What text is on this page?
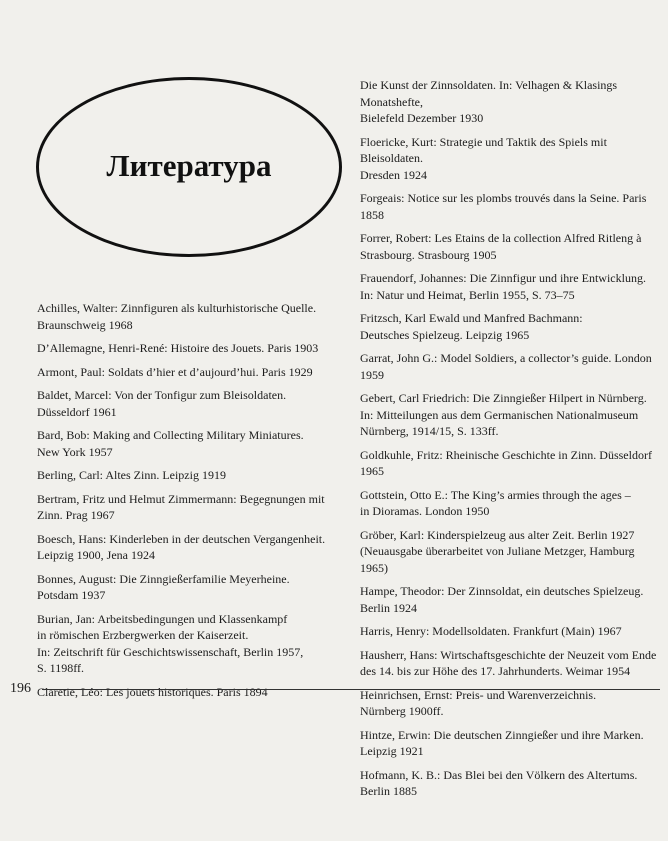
Литература
Achilles, Walter: Zinnfiguren als kulturhistorische Quelle.
Braunschweig 1968
D’Allemagne, Henri-René: Histoire des Jouets. Paris 1903
Armont, Paul: Soldats d’hier et d’aujourd’hui. Paris 1929
Baldet, Marcel: Von der Tonfigur zum Bleisoldaten.
Düsseldorf 1961
Bard, Bob: Making and Collecting Military Miniatures.
New York 1957
Berling, Carl: Altes Zinn. Leipzig 1919
Bertram, Fritz und Helmut Zimmermann: Begegnungen mit
Zinn. Prag 1967
Boesch, Hans: Kinderleben in der deutschen Vergangenheit.
Leipzig 1900, Jena 1924
Bonnes, August: Die Zinngießerfamilie Meyerheine.
Potsdam 1937
Burian, Jan: Arbeitsbedingungen und Klassenkampf
in römischen Erzbergwerken der Kaiserzeit.
In: Zeitschrift für Geschichtswissenschaft, Berlin 1957,
S. 1198ff.
Claretie, Léo: Les jouets historiques. Paris 1894
Die Kunst der Zinnsoldaten. In: Velhagen & Klasings Monatshefte,
Bielefeld Dezember 1930
Floericke, Kurt: Strategie und Taktik des Spiels mit Bleisoldaten.
Dresden 1924
Forgeais: Notice sur les plombs trouvés dans la Seine. Paris 1858
Forrer, Robert: Les Etains de la collection Alfred Ritleng à
Strasbourg. Strasbourg 1905
Frauendorf, Johannes: Die Zinnfigur und ihre Entwicklung.
In: Natur und Heimat, Berlin 1955, S. 73–75
Fritzsch, Karl Ewald und Manfred Bachmann:
Deutsches Spielzeug. Leipzig 1965
Garrat, John G.: Model Soldiers, a collector’s guide. London 1959
Gebert, Carl Friedrich: Die Zinngießer Hilpert in Nürnberg.
In: Mitteilungen aus dem Germanischen Nationalmuseum
Nürnberg, 1914/15, S. 133ff.
Goldkuhle, Fritz: Rheinische Geschichte in Zinn. Düsseldorf 1965
Gottstein, Otto E.: The King’s armies through the ages –
in Dioramas. London 1950
Gröber, Karl: Kinderspielzeug aus alter Zeit. Berlin 1927
(Neuausgabe überarbeitet von Juliane Metzger, Hamburg 1965)
Hampe, Theodor: Der Zinnsoldat, ein deutsches Spielzeug.
Berlin 1924
Harris, Henry: Modellsoldaten. Frankfurt (Main) 1967
Hausherr, Hans: Wirtschaftsgeschichte der Neuzeit vom Ende
des 14. bis zur Höhe des 17. Jahrhunderts. Weimar 1954
Heinrichsen, Ernst: Preis- und Warenverzeichnis.
Nürnberg 1900ff.
Hintze, Erwin: Die deutschen Zinngießer und ihre Marken.
Leipzig 1921
Hofmann, K. B.: Das Blei bei den Völkern des Altertums.
Berlin 1885
196
